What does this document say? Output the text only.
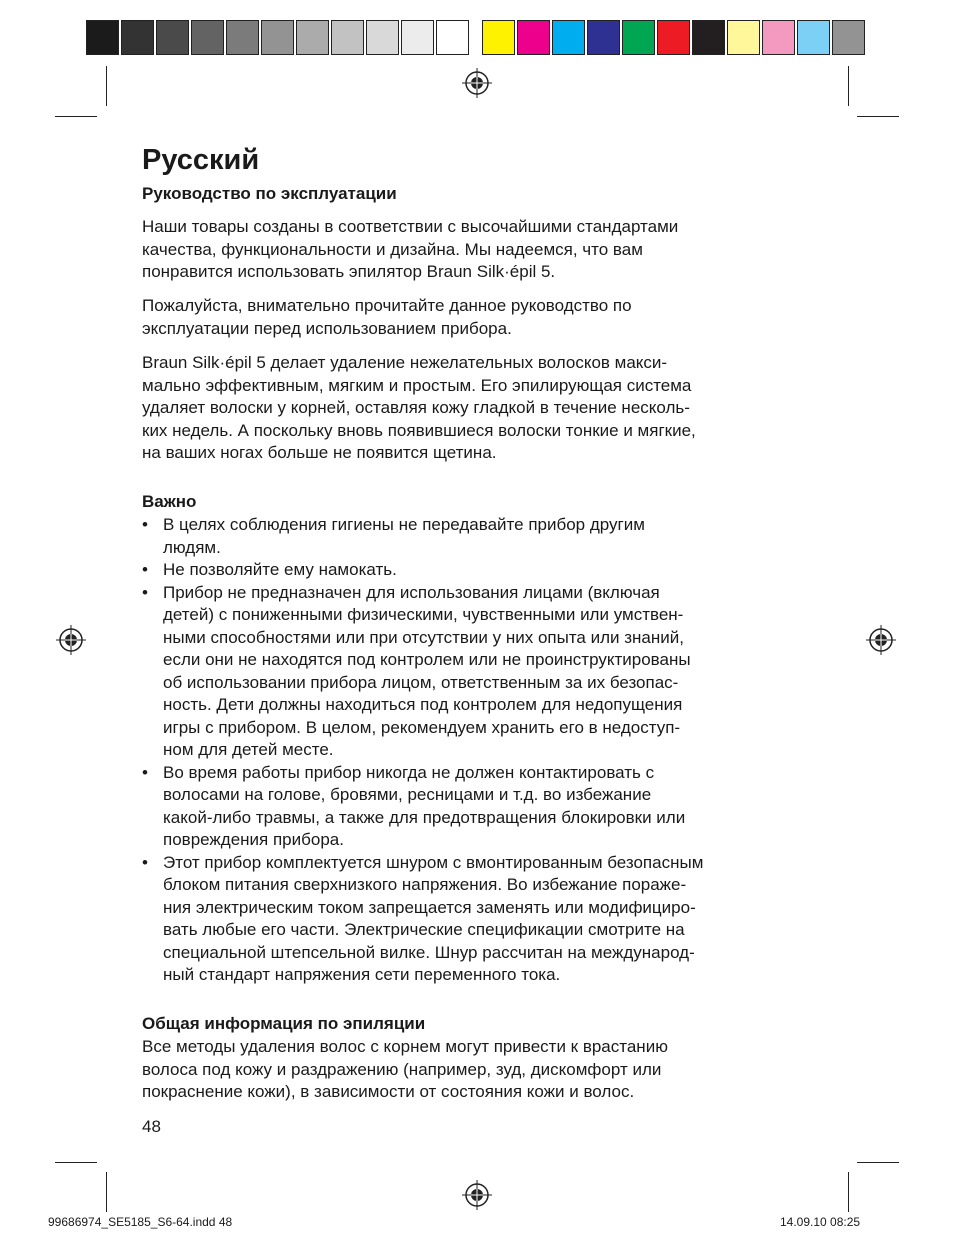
Русский
Руководство по эксплуатации

Наши товары созданы в соответствии с высочайшими стандартами
качества, функциональности и дизайна. Мы надеемся, что вам
понравится использовать эпилятор Braun Silk·épil 5.

Пожалуйста, внимательно прочитайте данное руководство по
эксплуатации перед использованием прибора.

Braun Silk·épil 5 делает удаление нежелательных волосков макси-
мально эффективным, мягким и простым. Его эпилирующая система
удаляет волоски у корней, оставляя кожу гладкой в течение несколь-
ких недель. А поскольку вновь появившиеся волоски тонкие и мягкие,
на ваших ногах больше не появится щетина.

Важно
• В целях соблюдения гигиены не передавайте прибор другим
людям.
• Не позволяйте ему намокать.
• Прибор не предназначен для использования лицами (включая
детей) с пониженными физическими, чувственными или умствен-
ными способностями или при отсутствии у них опыта или знаний,
если они не находятся под контролем или не проинструктированы
об использовании прибора лицом, ответственным за их безопас-
ность. Дети должны находиться под контролем для недопущения
игры с прибором. В целом, рекомендуем хранить его в недоступ-
ном для детей месте.
• Во время работы прибор никогда не должен контактировать с
волосами на голове, бровями, ресницами и т.д. во избежание
какой-либо травмы, а также для предотвращения блокировки или
повреждения прибора.
• Этот прибор комплектуется шнуром с вмонтированным безопасным
блоком питания сверхнизкого напряжения. Во избежание пораже-
ния электрическим током запрещается заменять или модифициро-
вать любые его части. Электрические спецификации смотрите на
специальной штепсельной вилке. Шнур рассчитан на международ-
ный стандарт напряжения сети переменного тока.
Общая информация по эпиляции

Все методы удаления волос с корнем могут привести к врастанию
волоса под кожу и раздражению (например, зуд, дискомфорт или
покраснение кожи), в зависимости от состояния кожи и волос.

48
99686974_SE5185_S6-64.indd 48	14.09.10 08:25
